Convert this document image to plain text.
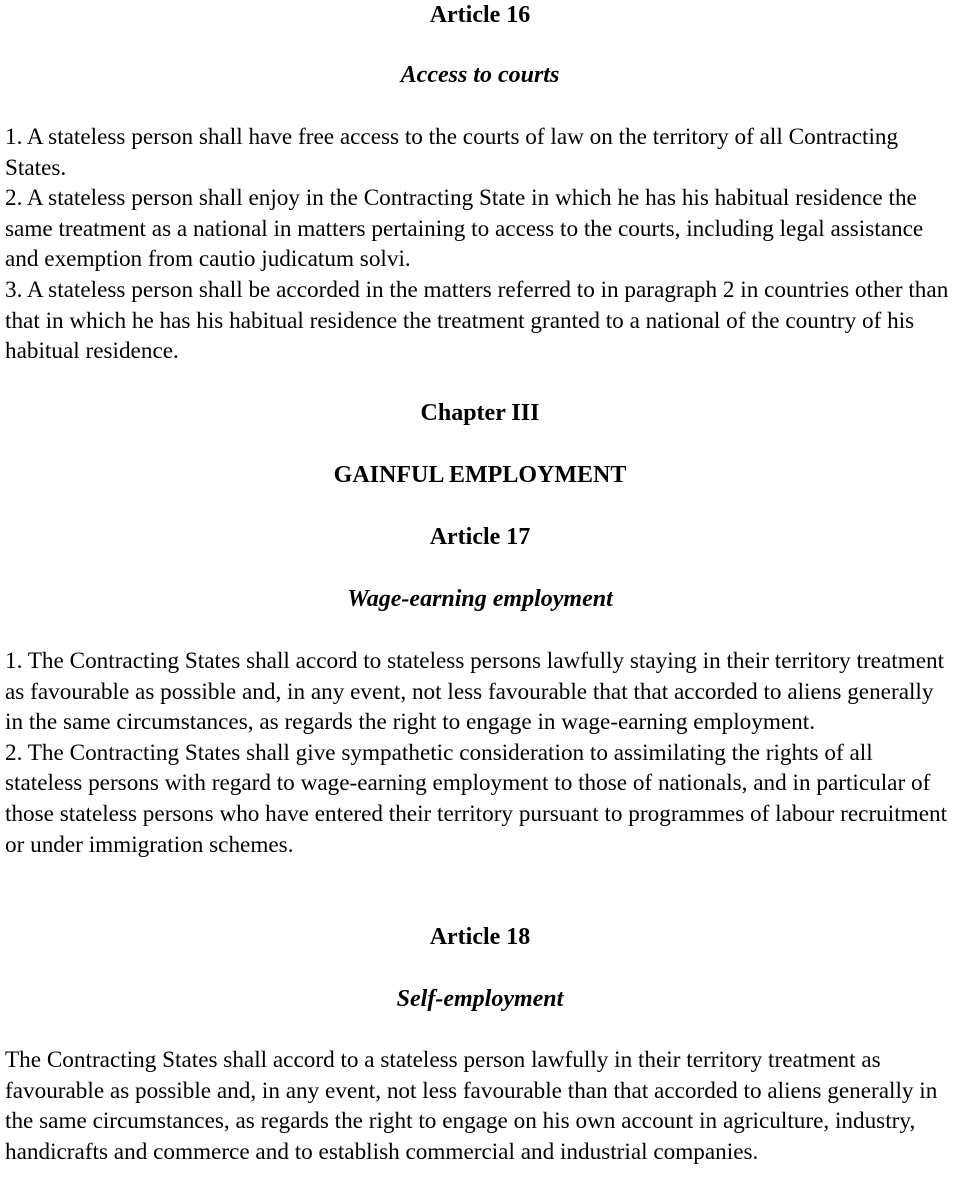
Article 16
Access to courts

1. A stateless person shall have free access to the courts of law on the territory of all Contracting States.

2. A stateless person shall enjoy in the Contracting State in which he has his habitual residence the same treatment as a national in matters pertaining to access to the courts, including legal assistance and exemption from cautio judicatum solvi.

3. A stateless person shall be accorded in the matters referred to in paragraph 2 in countries other than that in which he has his habitual residence the treatment granted to a national of the country of his habitual residence.

Chapter III
GAINFUL EMPLOYMENT
Article 17
Wage-earning employment

1. The Contracting States shall accord to stateless persons lawfully staying in their territory treatment as favourable as possible and, in any event, not less favourable that that accorded to aliens generally in the same circumstances, as regards the right to engage in wage-earning employment.

2. The Contracting States shall give sympathetic consideration to assimilating the rights of all stateless persons with regard to wage-earning employment to those of nationals, and in particular of those stateless persons who have entered their territory pursuant to programmes of labour recruitment or under immigration schemes.

Article 18
Self-employment

The Contracting States shall accord to a stateless person lawfully in their territory treatment as favourable as possible and, in any event, not less favourable than that accorded to aliens generally in the same circumstances, as regards the right to engage on his own account in agriculture, industry, handicrafts and commerce and to establish commercial and industrial companies.
